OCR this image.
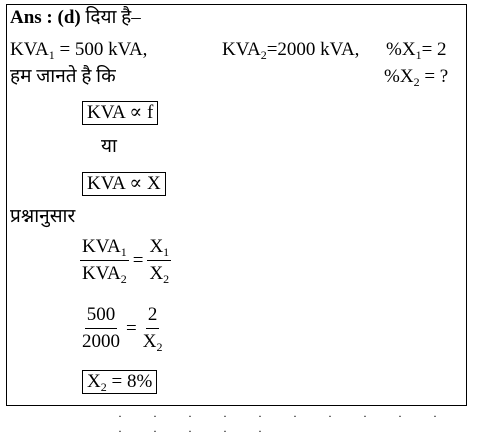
Ans : (d) दिया है–
$KVA_1 = 500$ kVA,	$KVA_2=2000$ kVA, $\%X_1= 2$
हम जानते है कि	$\%X_2$ = ?
KVA ∝ f
या
KVA ∝ X
प्रश्नानुसार
$\frac{KVA_1}{KVA_2} = \frac{X_1}{X_2}$
$\frac{500}{2000} = \frac{2}{X_2}$
$X_2 = 8\%$
· · · · · · · · · · · · · · ·
